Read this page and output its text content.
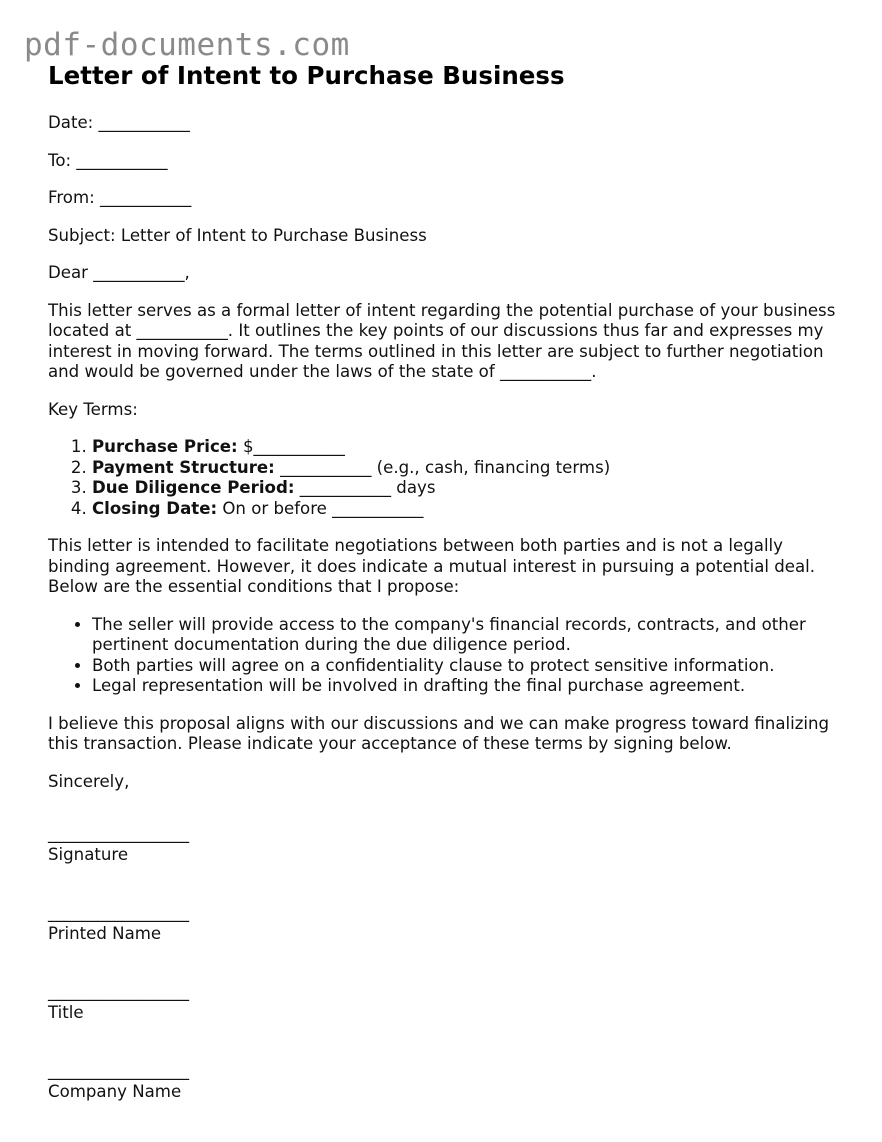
pdf-documents.com
Letter of Intent to Purchase Business

Date: ___________

To: ___________

From: ___________

Subject: Letter of Intent to Purchase Business

Dear ___________,

This letter serves as a formal letter of intent regarding the potential purchase of your business located at ___________. It outlines the key points of our discussions thus far and expresses my interest in moving forward. The terms outlined in this letter are subject to further negotiation and would be governed under the laws of the state of ___________.

Key Terms:

1. Purchase Price: $___________
2. Payment Structure: ___________ (e.g., cash, financing terms)
3. Due Diligence Period: ___________ days
4. Closing Date: On or before ___________

This letter is intended to facilitate negotiations between both parties and is not a legally binding agreement. However, it does indicate a mutual interest in pursuing a potential deal. Below are the essential conditions that I propose:

• The seller will provide access to the company's financial records, contracts, and other pertinent documentation during the due diligence period.
• Both parties will agree on a confidentiality clause to protect sensitive information.
• Legal representation will be involved in drafting the final purchase agreement.

I believe this proposal aligns with our discussions and we can make progress toward finalizing this transaction. Please indicate your acceptance of these terms by signing below.

Sincerely,

_________________
Signature
_________________
Printed Name
_________________
Title
_________________
Company Name
